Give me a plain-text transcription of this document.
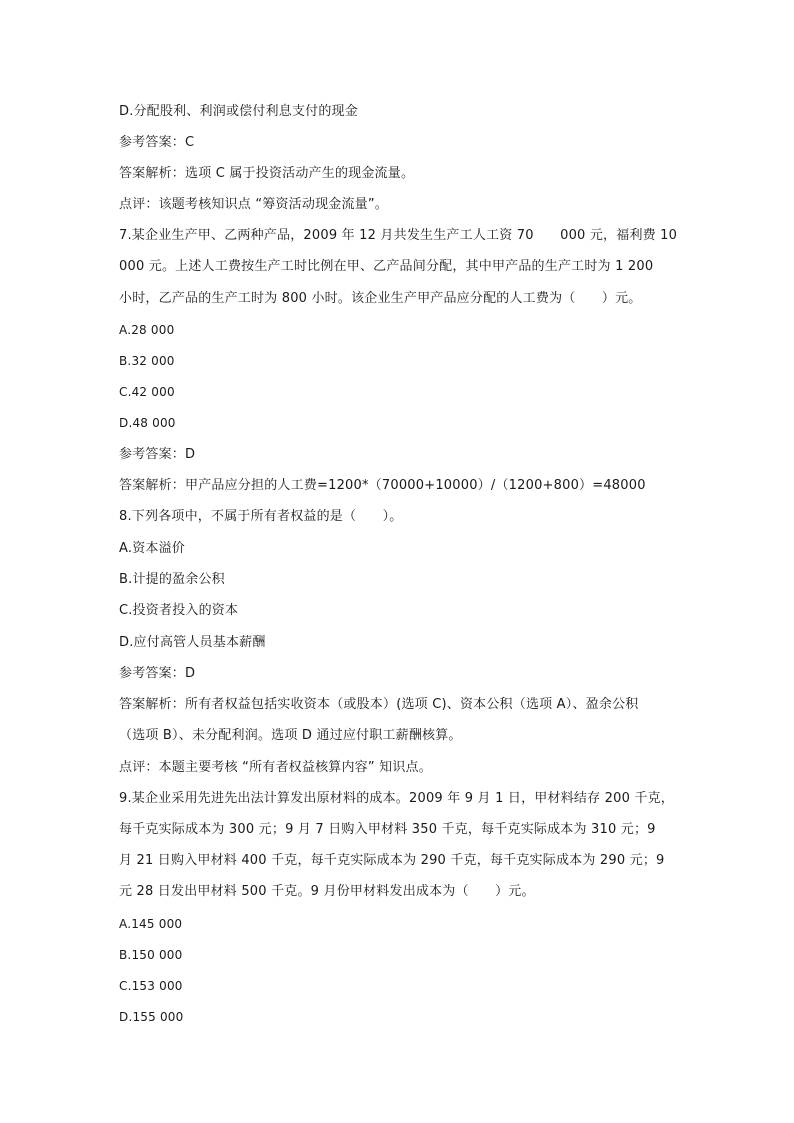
D.分配股利、利润或偿付利息支付的现金
参考答案：C
答案解析：选项 C 属于投资活动产生的现金流量。
点评：该题考核知识点 “筹资活动现金流量”。
7.某企业生产甲、乙两种产品，2009 年 12 月共发生生产工人工资 70　　000 元，福利费 10
000 元。上述人工费按生产工时比例在甲、乙产品间分配，其中甲产品的生产工时为 1 200
小时，乙产品的生产工时为 800 小时。该企业生产甲产品应分配的人工费为（　　）元。
A.28 000
B.32 000
C.42 000
D.48 000
参考答案：D
答案解析：甲产品应分担的人工费=1200*（70000+10000）/（1200+800）=48000
8.下列各项中，不属于所有者权益的是（　　）。
A.资本溢价
B.计提的盈余公积
C.投资者投入的资本
D.应付高管人员基本薪酬
参考答案：D
答案解析：所有者权益包括实收资本（或股本）(选项 C)、资本公积（选项 A）、盈余公积
（选项 B）、未分配利润。选项 D 通过应付职工薪酬核算。
点评：本题主要考核 “所有者权益核算内容” 知识点。
9.某企业采用先进先出法计算发出原材料的成本。2009 年 9 月 1 日，甲材料结存 200 千克，
每千克实际成本为 300 元；9 月 7 日购入甲材料 350 千克，每千克实际成本为 310 元；9
月 21 日购入甲材料 400 千克，每千克实际成本为 290 千克，每千克实际成本为 290 元；9
元 28 日发出甲材料 500 千克。9 月份甲材料发出成本为（　　）元。
A.145 000
B.150 000
C.153 000
D.155 000
